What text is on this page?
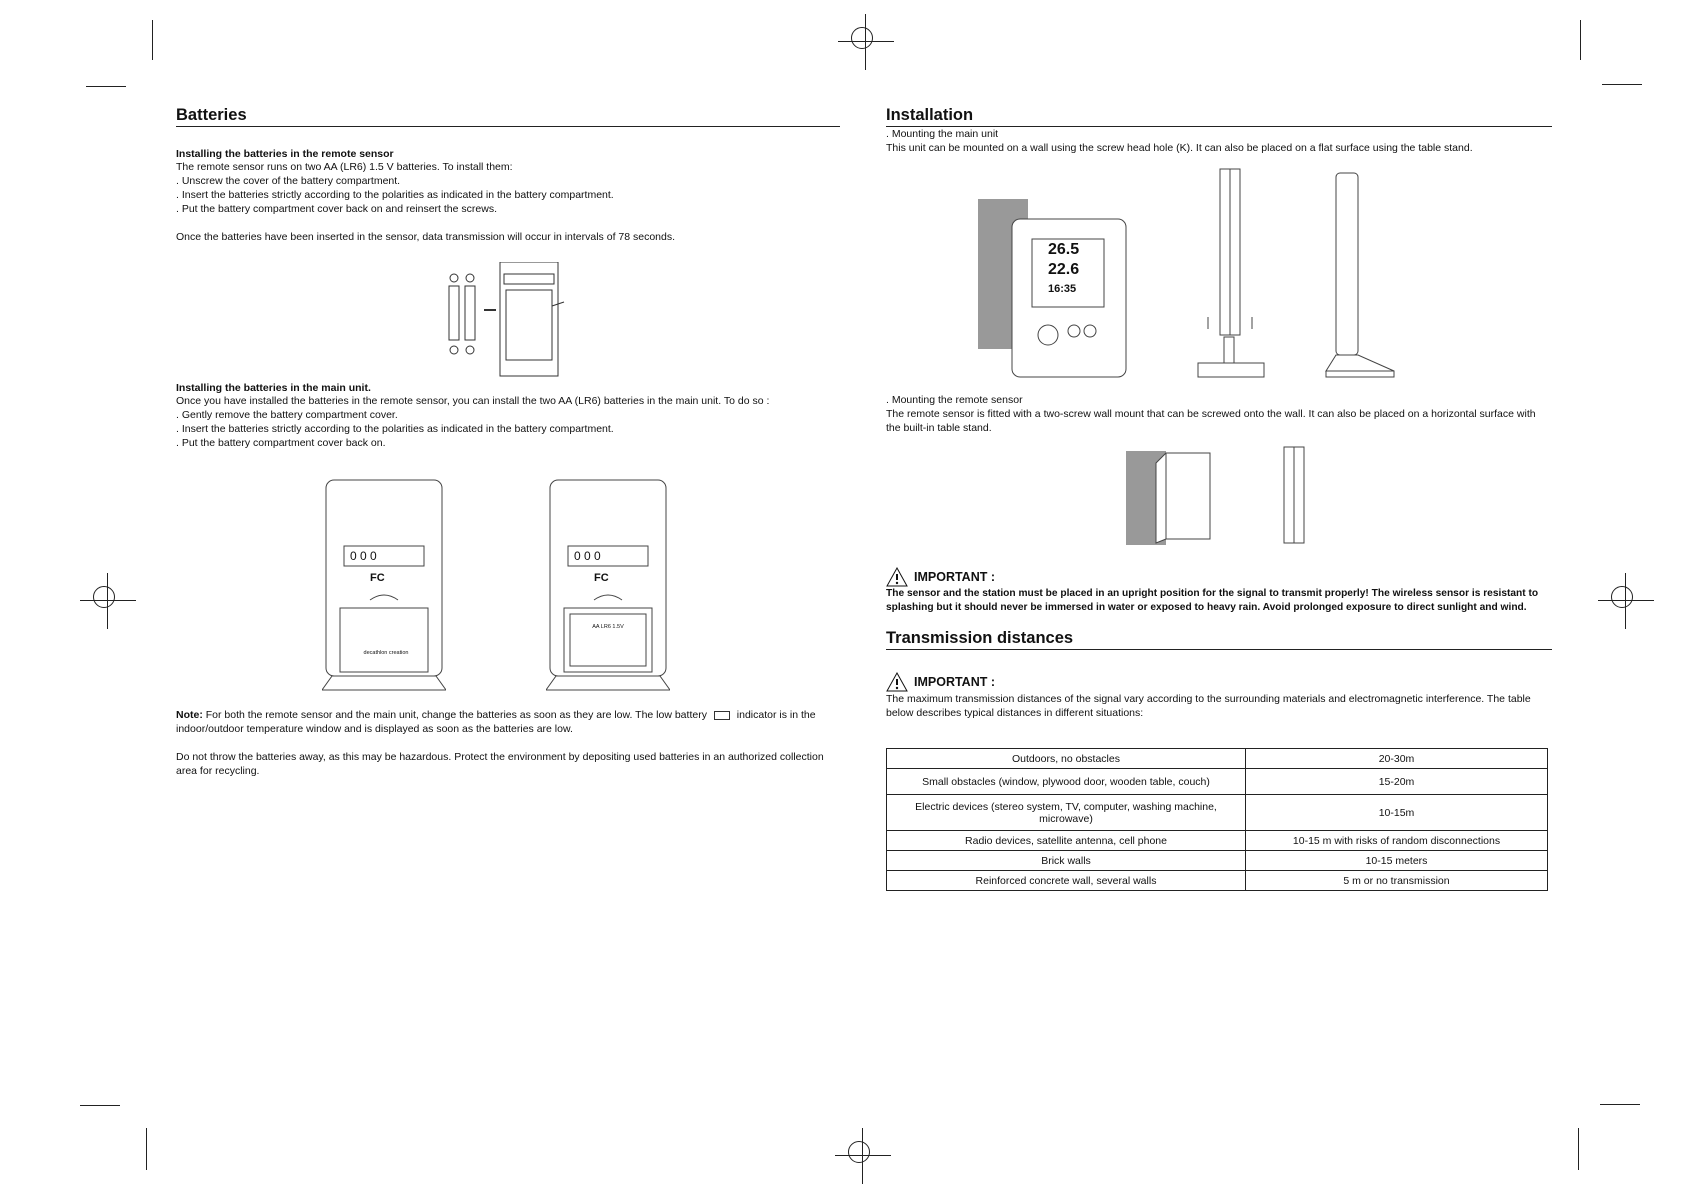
Batteries

Installing the batteries in the remote sensor

The remote sensor runs on two AA (LR6) 1.5 V batteries. To install them:

. Unscrew the cover of the battery compartment.

. Insert the batteries strictly according to the polarities as indicated in the battery compartment.

. Put the battery compartment cover back on and reinsert the screws.

Once the batteries have been inserted in the sensor, data transmission will occur in intervals of 78 seconds.

Installing the batteries in the main unit.

Once you have installed the batteries in the remote sensor, you can install the two AA (LR6) batteries in the main unit. To do so :

. Gently remove the battery compartment cover.

. Insert the batteries strictly according to the polarities as indicated in the battery compartment.

. Put the battery compartment cover back on.

0 0 0
FC
decathlon creation
0 0 0
FC
AA LR6 1.5V

Note: For both the remote sensor and the main unit, change the batteries as soon as they are low. The low battery	indicator is in the indoor/outdoor temperature window and is displayed as soon as the batteries are low.

Do not throw the batteries away, as this may be hazardous. Protect the environment by depositing used batteries in an authorized collection area for recycling.

Installation

. Mounting the main unit

This unit can be mounted on a wall using the screw head hole (K). It can also be placed on a flat surface using the table stand.

26.5
22.6
16:35

. Mounting the remote sensor

The remote sensor is fitted with a two-screw wall mount that can be screwed onto the wall. It can also be placed on a horizontal surface with the built-in table stand.

IMPORTANT :

The sensor and the station must be placed in an upright position for the signal to transmit properly! The wireless sensor is resistant to splashing but it should never be immersed in water or exposed to heavy rain. Avoid prolonged exposure to direct sunlight and wind.

Transmission distances
IMPORTANT :

The maximum transmission distances of the signal vary according to the surrounding materials and electromagnetic interference. The table below describes typical distances in different situations:

Outdoors, no obstacles	20-30m
Small obstacles (window, plywood door, wooden table, couch)	15-20m
Electric devices (stereo system, TV, computer, washing machine, microwave)	10-15m
Radio devices, satellite antenna, cell phone	10-15 m with risks of random disconnections
Brick walls	10-15 meters
Reinforced concrete wall, several walls	5 m or no transmission
